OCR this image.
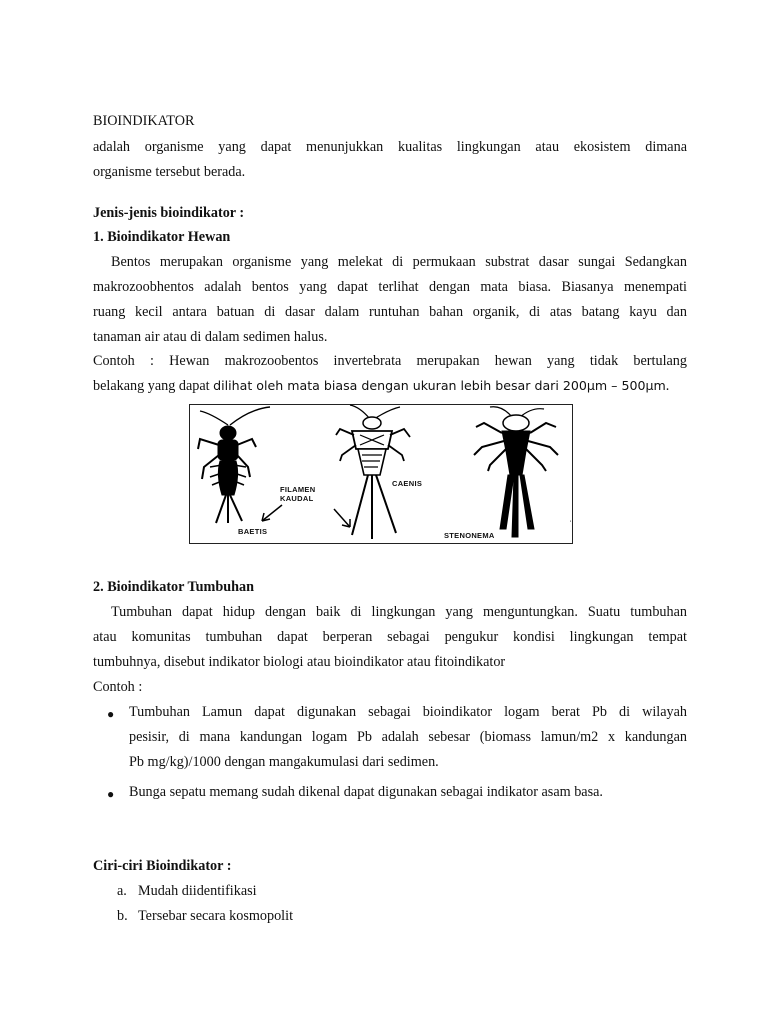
BIOINDIKATOR
adalah organisme yang dapat menunjukkan kualitas lingkungan atau ekosistem dimana
organisme tersebut berada.
Jenis-jenis bioindikator :
1. Bioindikator Hewan
Bentos merupakan organisme yang melekat di permukaan substrat dasar sungai Sedangkan
makrozoobhentos adalah bentos yang dapat terlihat dengan mata biasa. Biasanya menempati
ruang kecil antara batuan di dasar dalam runtuhan bahan organik, di atas batang kayu dan
tanaman air atau di dalam sedimen halus.
Contoh : Hewan makrozoobentos invertebrata merupakan hewan yang tidak bertulang
belakang yang dapat dilihat oleh mata biasa dengan ukuran lebih besar dari 200µm – 500µm.
'
FILAMEN
KAUDAL
CAENIS
BAETIS	STENONEMA
2. Bioindikator Tumbuhan
Tumbuhan dapat hidup dengan baik di lingkungan yang menguntungkan. Suatu tumbuhan
atau komunitas tumbuhan dapat berperan sebagai pengukur kondisi lingkungan tempat
tumbuhnya, disebut indikator biologi atau bioindikator atau fitoindikator
Contoh :
● Tumbuhan Lamun dapat digunakan sebagai bioindikator logam berat Pb di wilayah
pesisir, di mana kandungan logam Pb adalah sebesar (biomass lamun/m2 x kandungan
Pb mg/kg)/1000 dengan mangakumulasi dari sedimen.
● Bunga sepatu memang sudah dikenal dapat digunakan sebagai indikator asam basa.
Ciri-ciri Bioindikator :
a. Mudah diidentifikasi
b. Tersebar secara kosmopolit
